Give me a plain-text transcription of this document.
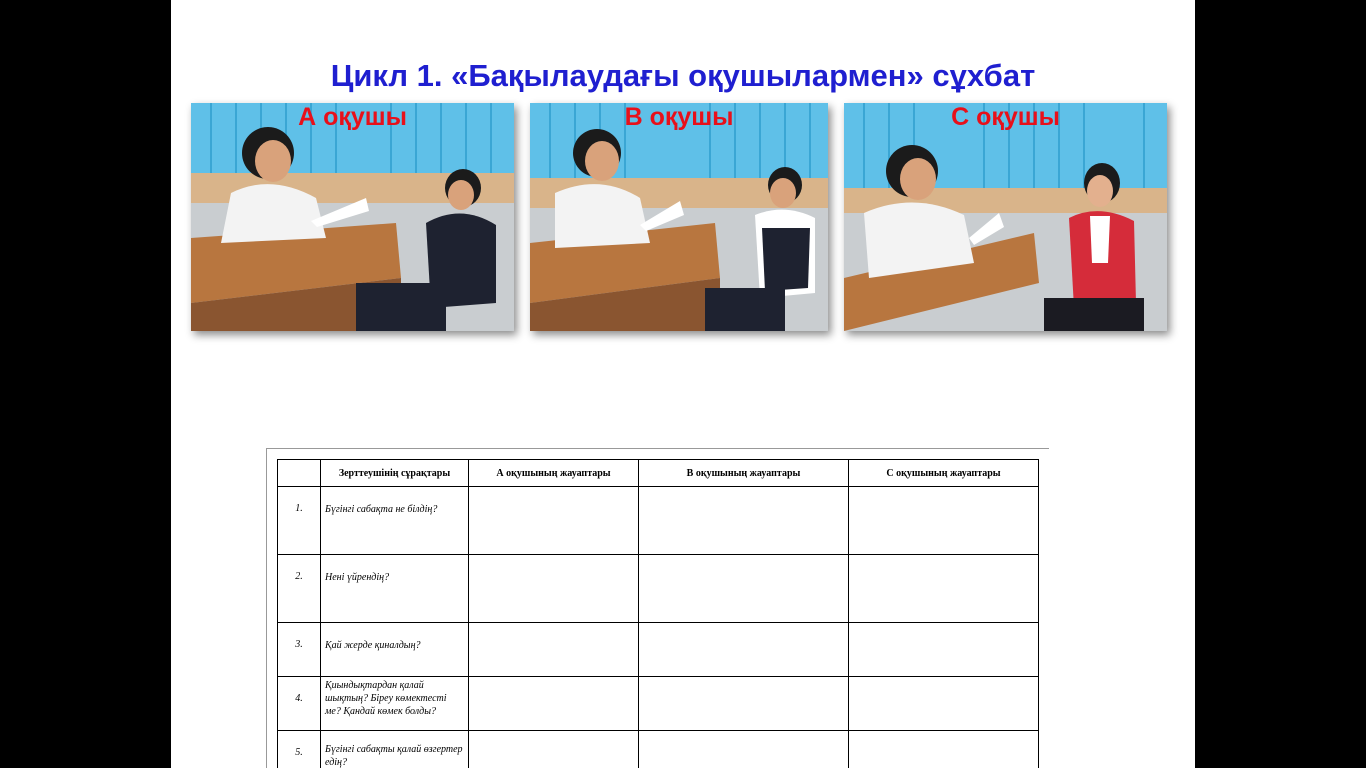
Цикл 1. «Бақылаудағы оқушылармен» сұхбат
А оқушы	В оқушы	С оқушы
	Зерттеушінің сұрақтары	А оқушының жауаптары	В оқушының жауаптары	С оқушының жауаптары
1.	Бүгінгі сабақта не білдің?			
2.	Нені үйрендің?			
3.	Қай жерде қиналдың?			
4.	Қиындықтардан қалай шықтың? Біреу көмектесті ме? Қандай көмек болды?			
5.	Бүгінгі сабақты қалай өзгертер едің?			
